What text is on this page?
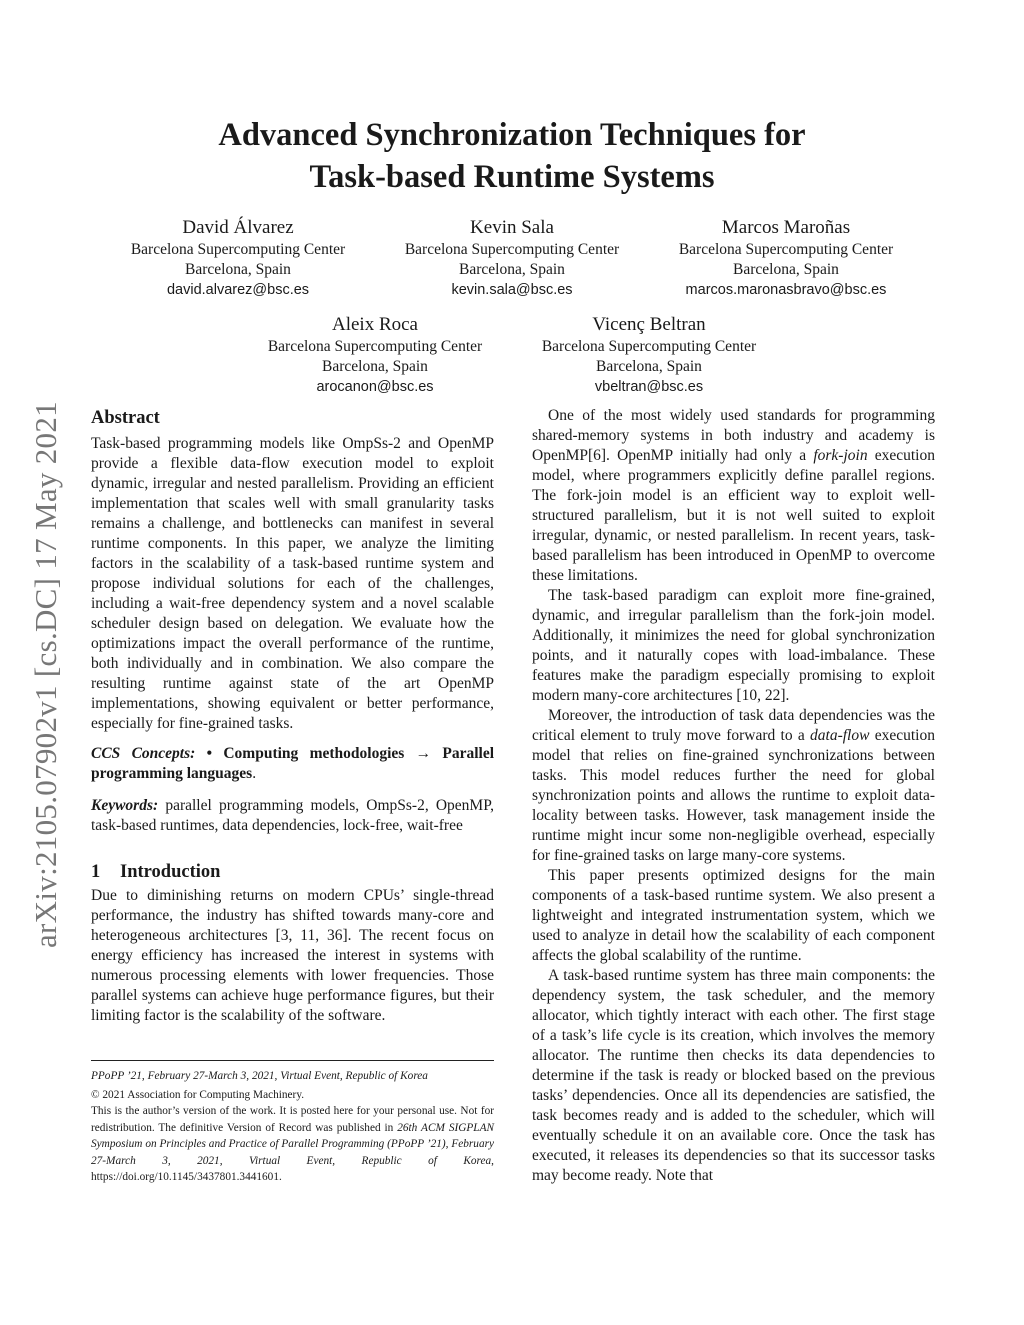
arXiv:2105.07902v1 [cs.DC] 17 May 2021
Advanced Synchronization Techniques for
Task-based Runtime Systems
David Álvarez
Barcelona Supercomputing Center
Barcelona, Spain
david.alvarez@bsc.es
Kevin Sala
Barcelona Supercomputing Center
Barcelona, Spain
kevin.sala@bsc.es
Marcos Maroñas
Barcelona Supercomputing Center
Barcelona, Spain
marcos.maronasbravo@bsc.es
Aleix Roca
Barcelona Supercomputing Center
Barcelona, Spain
arocanon@bsc.es
Vicenç Beltran
Barcelona Supercomputing Center
Barcelona, Spain
vbeltran@bsc.es
Abstract

Task-based programming models like OmpSs-2 and OpenMP provide a flexible data-flow execution model to exploit dynamic, irregular and nested parallelism. Providing an efficient implementation that scales well with small granularity tasks remains a challenge, and bottlenecks can manifest in several runtime components. In this paper, we analyze the limiting factors in the scalability of a task-based runtime system and propose individual solutions for each of the challenges, including a wait-free dependency system and a novel scalable scheduler design based on delegation. We evaluate how the optimizations impact the overall performance of the runtime, both individually and in combination. We also compare the resulting runtime against state of the art OpenMP implementations, showing equivalent or better performance, especially for fine-grained tasks.

CCS Concepts: • Computing methodologies → Parallel programming languages.

Keywords: parallel programming models, OmpSs-2, OpenMP, task-based runtimes, data dependencies, lock-free, wait-free

1 Introduction

Due to diminishing returns on modern CPUs’ single-thread performance, the industry has shifted towards many-core and heterogeneous architectures [3, 11, 36]. The recent focus on energy efficiency has increased the interest in systems with numerous processing elements with lower frequencies. Those parallel systems can achieve huge performance figures, but their limiting factor is the scalability of the software.

PPoPP ’21, February 27-March 3, 2021, Virtual Event, Republic of Korea

© 2021 Association for Computing Machinery.

This is the author’s version of the work. It is posted here for your personal use. Not for redistribution. The definitive Version of Record was published in 26th ACM SIGPLAN Symposium on Principles and Practice of Parallel Programming (PPoPP ’21), February 27-March 3, 2021, Virtual Event, Republic of Korea, https://doi.org/10.1145/3437801.3441601.

One of the most widely used standards for programming shared-memory systems in both industry and academy is OpenMP[6]. OpenMP initially had only a fork-join execution model, where programmers explicitly define parallel regions. The fork-join model is an efficient way to exploit well-structured parallelism, but it is not well suited to exploit irregular, dynamic, or nested parallelism. In recent years, task-based parallelism has been introduced in OpenMP to overcome these limitations.

The task-based paradigm can exploit more fine-grained, dynamic, and irregular parallelism than the fork-join model. Additionally, it minimizes the need for global synchronization points, and it naturally copes with load-imbalance. These features make the paradigm especially promising to exploit modern many-core architectures [10, 22].

Moreover, the introduction of task data dependencies was the critical element to truly move forward to a data-flow execution model that relies on fine-grained synchronizations between tasks. This model reduces further the need for global synchronization points and allows the runtime to exploit data-locality between tasks. However, task management inside the runtime might incur some non-negligible overhead, especially for fine-grained tasks on large many-core systems.

This paper presents optimized designs for the main components of a task-based runtime system. We also present a lightweight and integrated instrumentation system, which we used to analyze in detail how the scalability of each component affects the global scalability of the runtime.

A task-based runtime system has three main components: the dependency system, the task scheduler, and the memory allocator, which tightly interact with each other. The first stage of a task’s life cycle is its creation, which involves the memory allocator. The runtime then checks its data dependencies to determine if the task is ready or blocked based on the previous tasks’ dependencies. Once all its dependencies are satisfied, the task becomes ready and is added to the scheduler, which will eventually schedule it on an available core. Once the task has executed, it releases its dependencies so that its successor tasks may become ready. Note that
